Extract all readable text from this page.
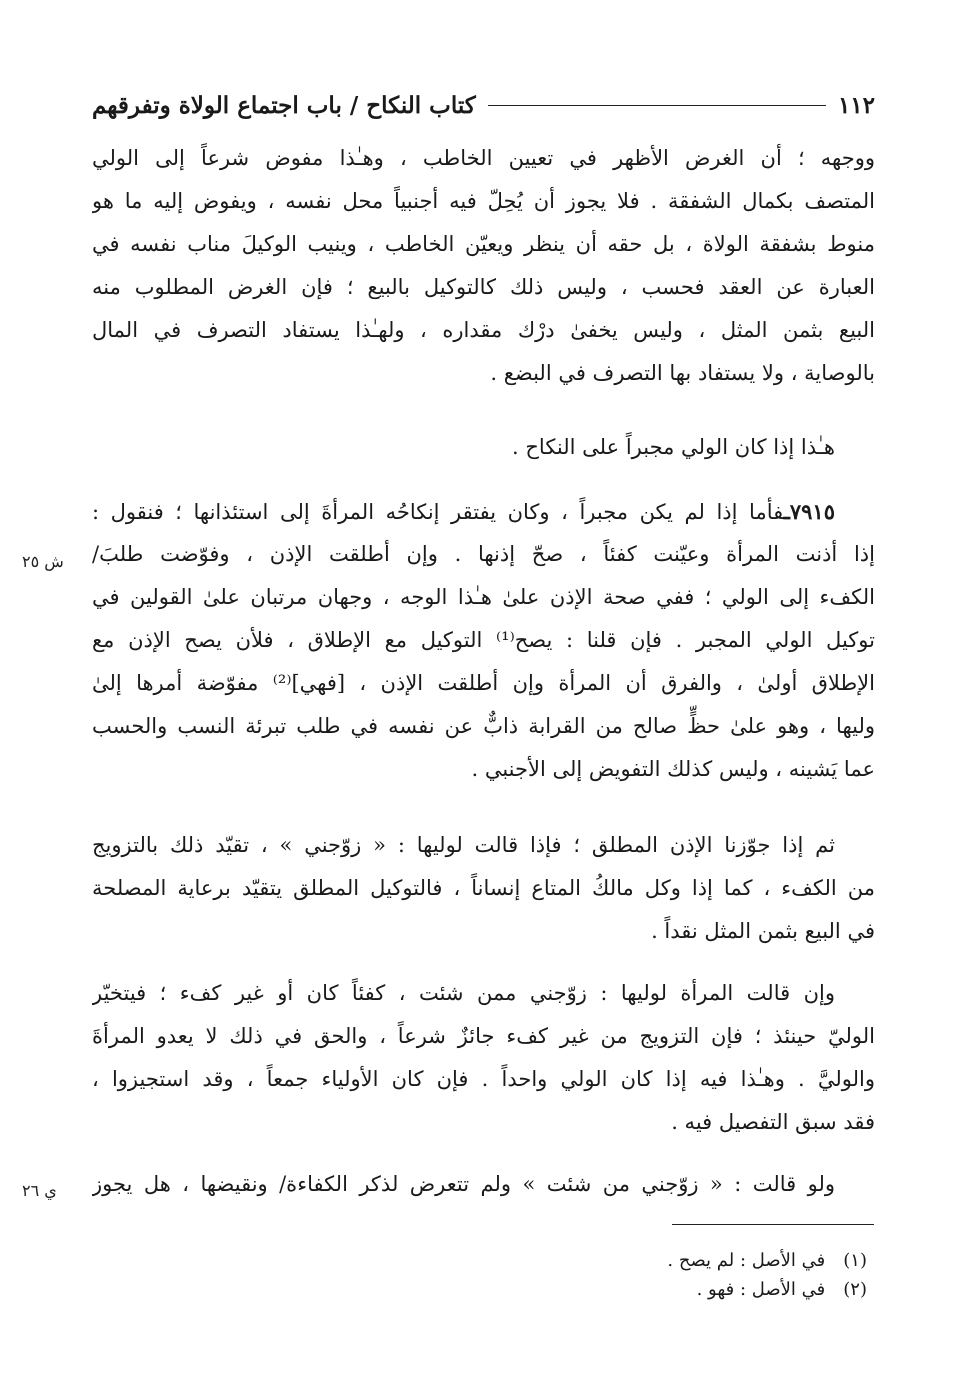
١١٢
كتاب النكاح / باب اجتماع الولاة وتفرقهم
ووجهه ؛ أن الغرض الأظهر في تعيين الخاطب ، وهـٰذا مفوض شرعاً إلى الولي
المتصف بكمال الشفقة . فلا يجوز أن يُحِلّ فيه أجنبياً محل نفسه ، ويفوض إليه ما هو
منوط بشفقة الولاة ، بل حقه أن ينظر ويعيّن الخاطب ، وينيب الوكيلَ مناب نفسه في
العبارة عن العقد فحسب ، وليس ذلك كالتوكيل بالبيع ؛ فإن الغرض المطلوب منه
البيع بثمن المثل ، وليس يخفىٰ درْك مقداره ، ولهـٰذا يستفاد التصرف في المال
بالوصاية ، ولا يستفاد بها التصرف في البضع .
هـٰذا إذا كان الولي مجبراً على النكاح .
٧٩١٥ـفأما إذا لم يكن مجبراً ، وكان يفتقر إنكاحُه المرأةَ إلى استئذانها ؛ فنقول :
إذا أذنت المرأة وعيّنت كفئاً ، صحّ إذنها . وإن أطلقت الإذن ، وفوّضت طلبَ/
الكفء إلى الولي ؛ ففي صحة الإذن علىٰ هـٰذا الوجه ، وجهان مرتبان علىٰ القولين في
توكيل الولي المجبر . فإن قلنا : يصح⁽¹⁾ التوكيل مع الإطلاق ، فلأن يصح الإذن مع
الإطلاق أولىٰ ، والفرق أن المرأة وإن أطلقت الإذن ، [فهي]⁽²⁾ مفوّضة أمرها إلىٰ
وليها ، وهو علىٰ حظٍّ صالح من القرابة ذابٌّ عن نفسه في طلب تبرئة النسب والحسب
عما يَشينه ، وليس كذلك التفويض إلى الأجنبي .
ثم إذا جوّزنا الإذن المطلق ؛ فإذا قالت لوليها : « زوّجني » ، تقيّد ذلك بالتزويج
من الكفء ، كما إذا وكل مالكُ المتاع إنساناً ، فالتوكيل المطلق يتقيّد برعاية المصلحة
في البيع بثمن المثل نقداً .
وإن قالت المرأة لوليها : زوّجني ممن شئت ، كفئاً كان أو غير كفء ؛ فيتخيّر
الوليّ حينئذ ؛ فإن التزويج من غير كفء جائزٌ شرعاً ، والحق في ذلك لا يعدو المرأةَ
والوليَّ . وهـٰذا فيه إذا كان الولي واحداً . فإن كان الأولياء جمعاً ، وقد استجيزوا ،
فقد سبق التفصيل فيه .
ولو قالت : « زوّجني من شئت » ولم تتعرض لذكر الكفاءة/ ونقيضها ، هل يجوز
ش ٢٥
ي ٢٦
(١) في الأصل : لم يصح .
(٢) في الأصل : فهو .
